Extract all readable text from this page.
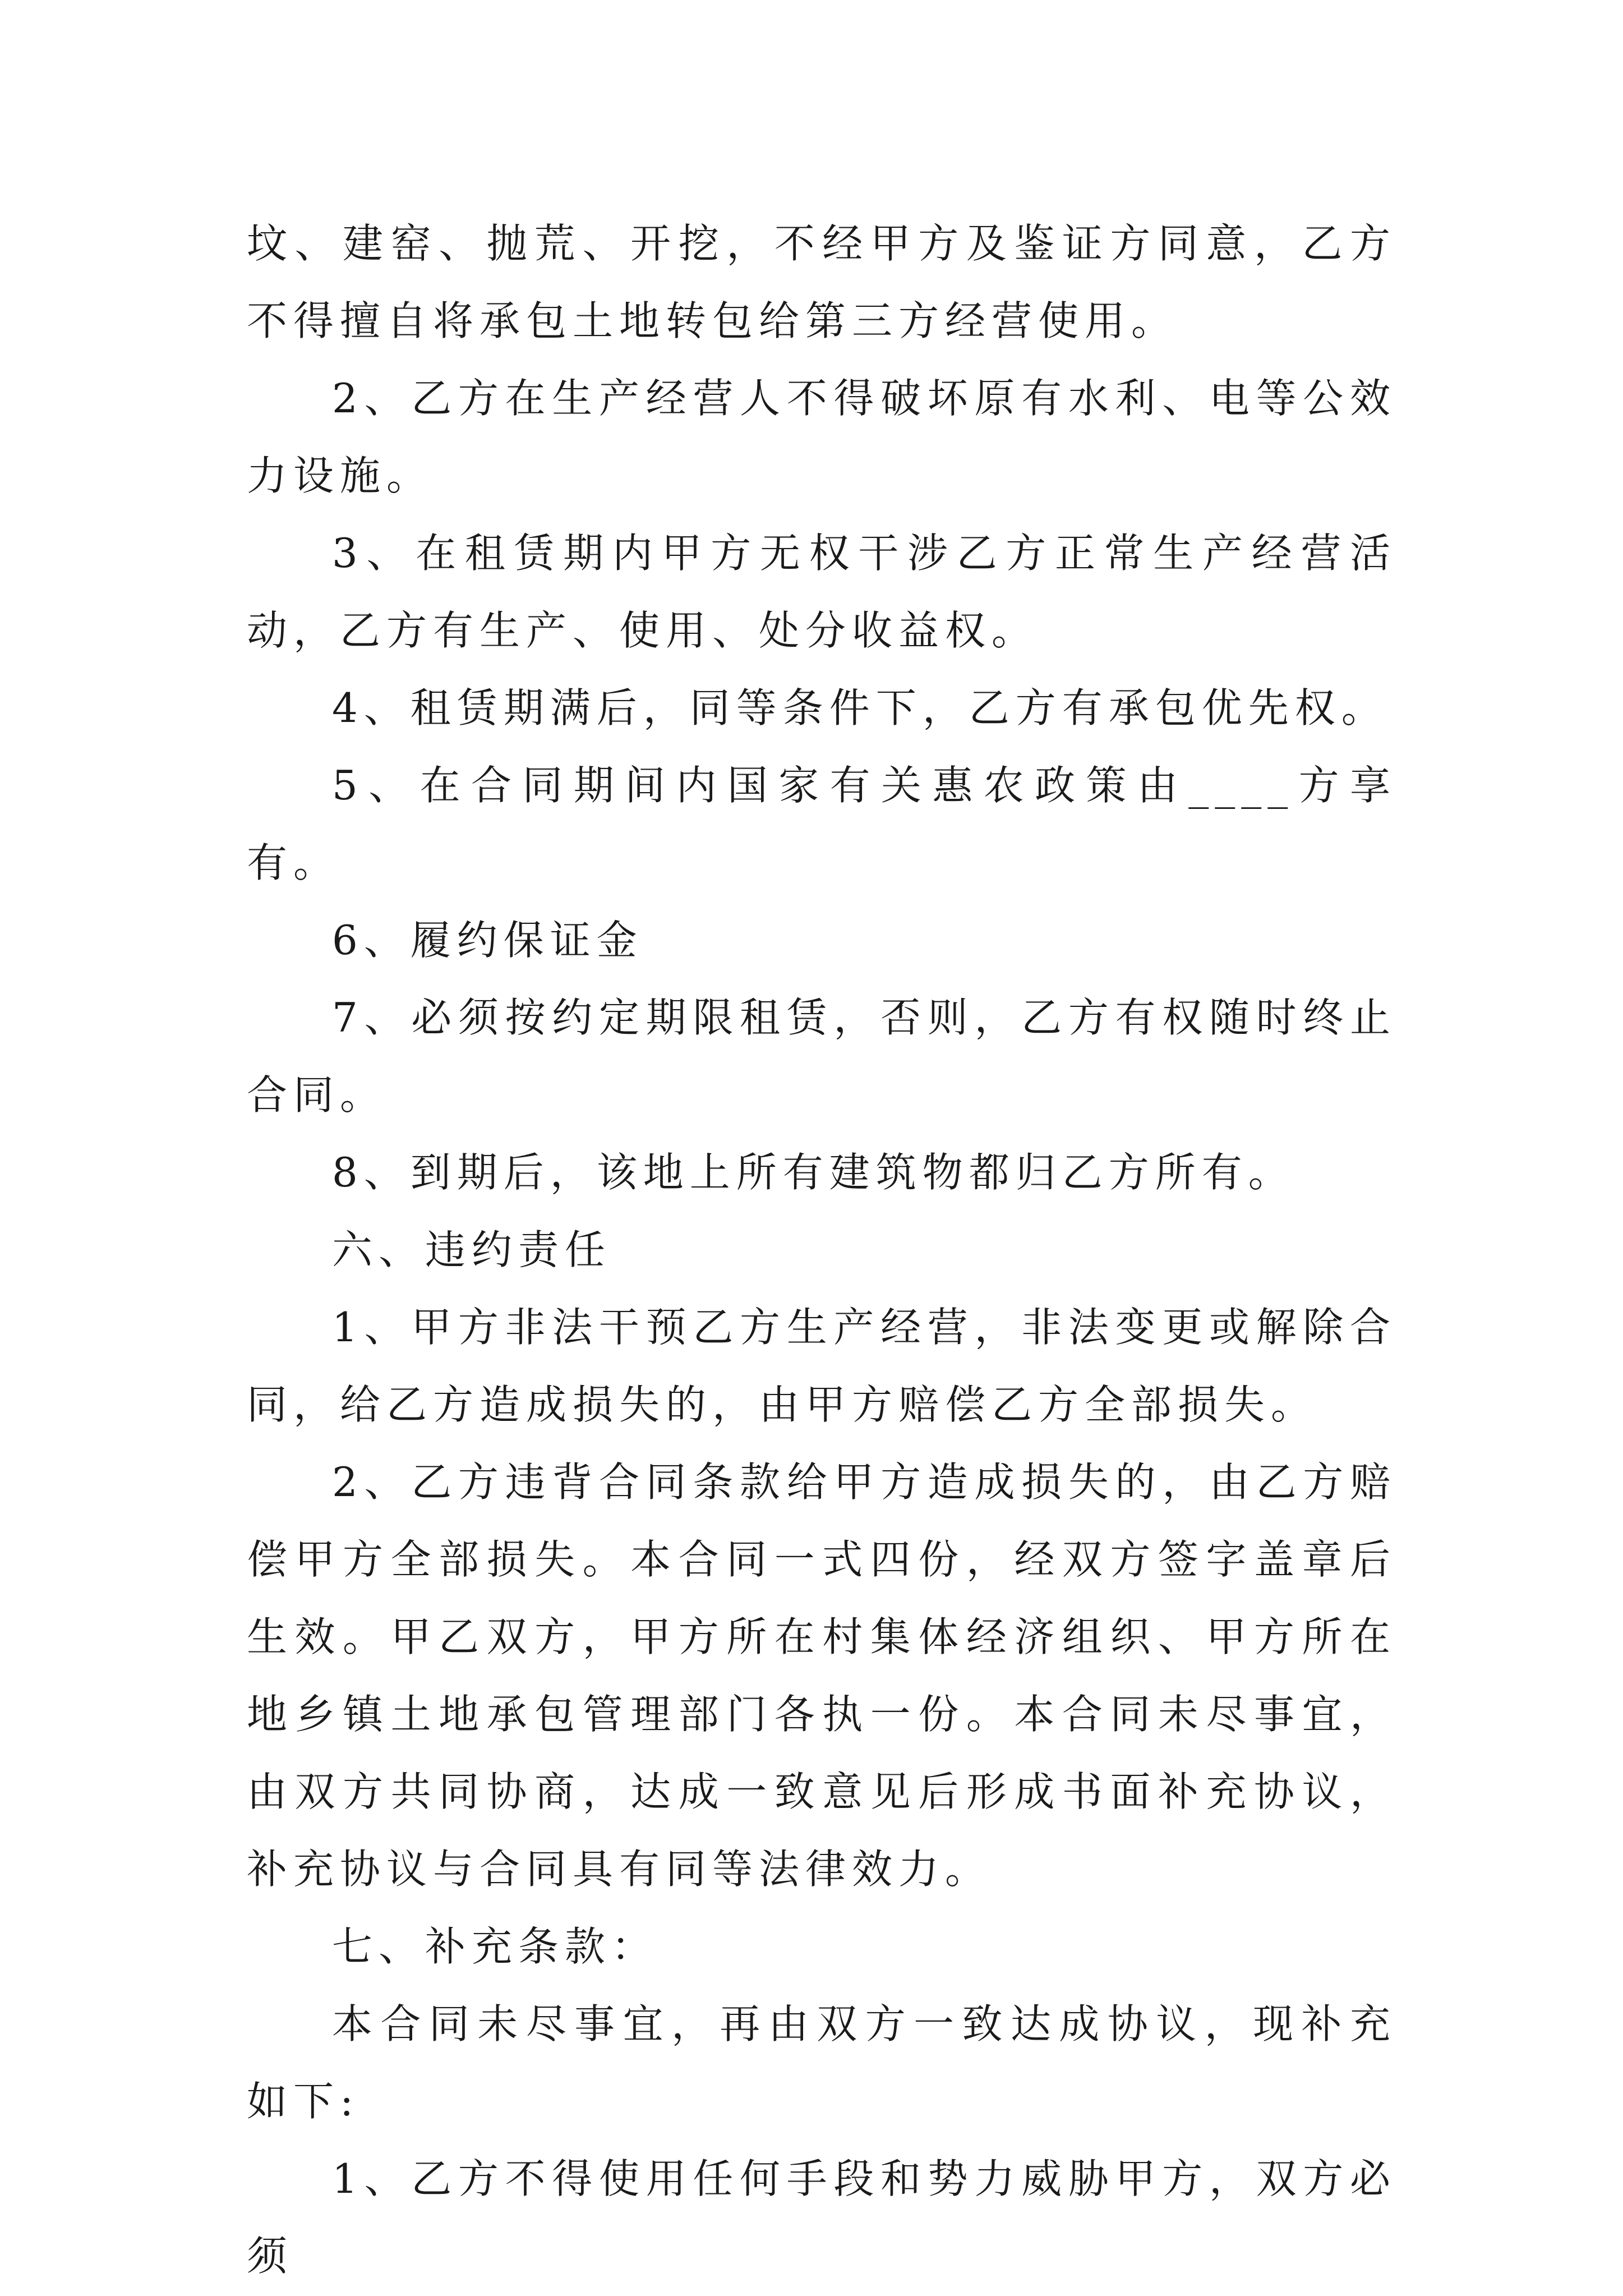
坟、建窑、抛荒、开挖，不经甲方及鉴证方同意，乙方不得擅自将承包土地转包给第三方经营使用。

2、乙方在生产经营人不得破坏原有水利、电等公效力设施。

3、在租赁期内甲方无权干涉乙方正常生产经营活动，乙方有生产、使用、处分收益权。

4、租赁期满后，同等条件下，乙方有承包优先权。

5、在合同期间内国家有关惠农政策由____方享有。

6、履约保证金

7、必须按约定期限租赁，否则，乙方有权随时终止合同。

8、到期后，该地上所有建筑物都归乙方所有。

六、违约责任

1、甲方非法干预乙方生产经营，非法变更或解除合同，给乙方造成损失的，由甲方赔偿乙方全部损失。

2、乙方违背合同条款给甲方造成损失的，由乙方赔偿甲方全部损失。本合同一式四份，经双方签字盖章后生效。甲乙双方，甲方所在村集体经济组织、甲方所在地乡镇土地承包管理部门各执一份。本合同未尽事宜，由双方共同协商，达成一致意见后形成书面补充协议，补充协议与合同具有同等法律效力。

七、补充条款：

本合同未尽事宜，再由双方一致达成协议，现补充如下:

1、乙方不得使用任何手段和势力威胁甲方，双方必须
